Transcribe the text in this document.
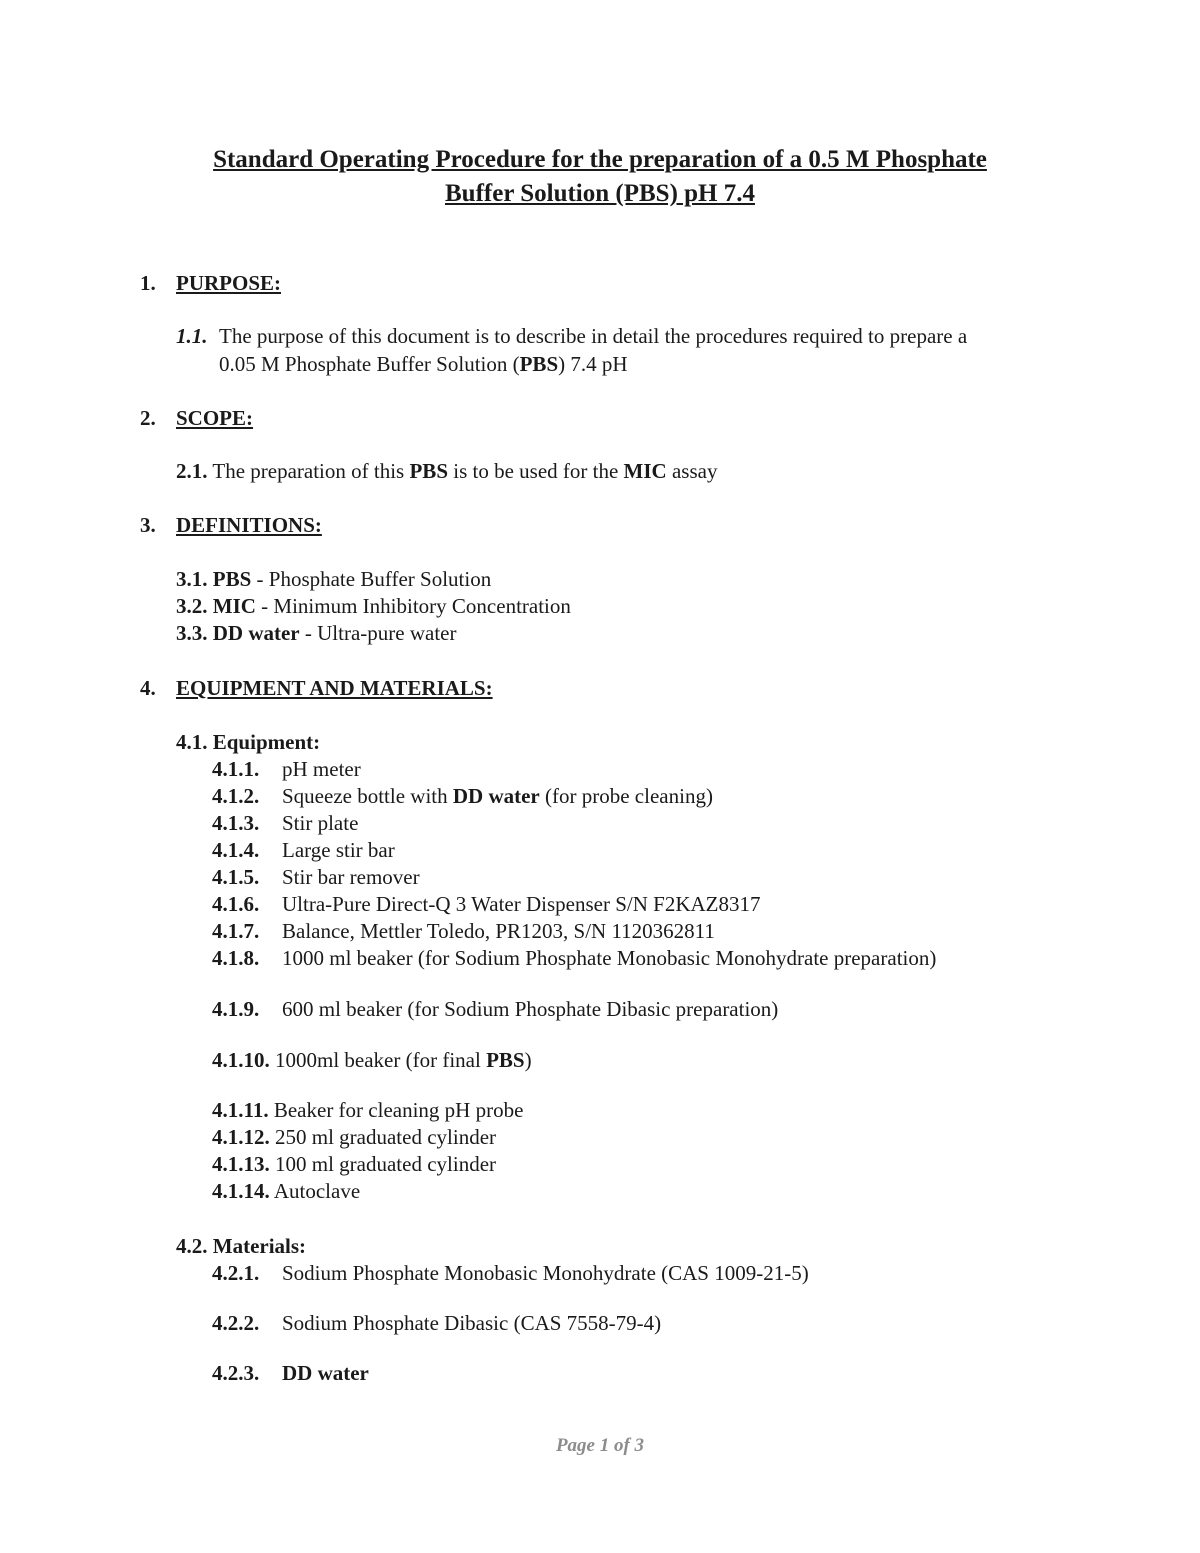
Standard Operating Procedure for the preparation of a 0.5 M Phosphate
Buffer Solution (PBS) pH 7.4
1. PURPOSE:
1.1. The purpose of this document is to describe in detail the procedures required to prepare a
0.05 M Phosphate Buffer Solution (PBS) 7.4 pH
2. SCOPE:
2.1. The preparation of this PBS is to be used for the MIC assay
3. DEFINITIONS:
3.1. PBS - Phosphate Buffer Solution
3.2. MIC - Minimum Inhibitory Concentration
3.3. DD water - Ultra-pure water
4. EQUIPMENT AND MATERIALS:
4.1. Equipment:
4.1.1. pH meter
4.1.2. Squeeze bottle with DD water (for probe cleaning)
4.1.3. Stir plate
4.1.4. Large stir bar
4.1.5. Stir bar remover
4.1.6. Ultra-Pure Direct-Q 3 Water Dispenser S/N F2KAZ8317
4.1.7. Balance, Mettler Toledo, PR1203, S/N 1120362811
4.1.8. 1000 ml beaker (for Sodium Phosphate Monobasic Monohydrate preparation)
4.1.9. 600 ml beaker (for Sodium Phosphate Dibasic preparation)
4.1.10. 1000ml beaker (for final PBS)
4.1.11. Beaker for cleaning pH probe
4.1.12. 250 ml graduated cylinder
4.1.13. 100 ml graduated cylinder
4.1.14. Autoclave
4.2. Materials:
4.2.1. Sodium Phosphate Monobasic Monohydrate (CAS 1009-21-5)
4.2.2. Sodium Phosphate Dibasic (CAS 7558-79-4)
4.2.3. DD water
Page 1 of 3
